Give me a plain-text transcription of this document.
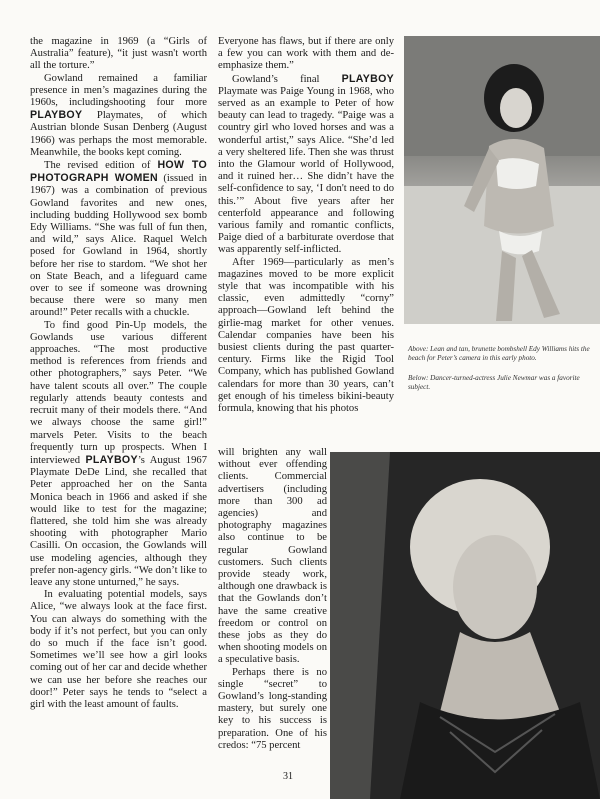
the magazine in 1969 (a “Girls of Australia” feature), “it just wasn't worth all the torture.”

Gowland remained a familiar presence in men’s magazines during the 1960s, includingshooting four more PLAYBOY Playmates, of which Austrian blonde Susan Denberg (August 1966) was perhaps the most memorable. Meanwhile, the books kept coming.

The revised edition of HOW TO PHOTOGRAPH WOMEN (issued in 1967) was a combination of previous Gowland favorites and new ones, including budding Hollywood sex bomb Edy Williams. “She was full of fun then, and wild,” says Alice. Raquel Welch posed for Gowland in 1964, shortly before her rise to stardom. “We shot her on State Beach, and a lifeguard came over to see if someone was drowning because there were so many men around!” Peter recalls with a chuckle.

To find good Pin-Up models, the Gowlands use various different approaches. “The most productive method is references from friends and other photographers,” says Peter. “We have talent scouts all over.” The couple regularly attends beauty contests and recruit many of their models there. “And we always choose the same girl!” marvels Peter. Visits to the beach frequently turn up prospects. When I interviewed PLAYBOY’s August 1967 Playmate DeDe Lind, she recalled that Peter approached her on the Santa Monica beach in 1966 and asked if she would like to test for the magazine; flattered, she told him she was already shooting with photographer Mario Casilli. On occasion, the Gowlands will use modeling agencies, although they prefer non-agency girls. “We don’t like to leave any stone unturned,” he says.

In evaluating potential models, says Alice, “we always look at the face first. You can always do something with the body if it’s not perfect, but you can only do so much if the face isn’t good. Sometimes we’ll see how a girl looks coming out of her car and decide whether we can use her before she reaches our door!” Peter says he tends to “select a girl with the least amount of faults.

Everyone has flaws, but if there are only a few you can work with them and de-emphasize them.”

Gowland’s final PLAYBOY Playmate was Paige Young in 1968, who served as an example to Peter of how beauty can lead to tragedy. “Paige was a country girl who loved horses and was a wonderful artist,” says Alice. “She’d led a very sheltered life. Then she was thrust into the Glamour world of Hollywood, and it ruined her… She didn’t have the self-confidence to say, ‘I don't need to do this.’” About five years after her centerfold appearance and following various family and romantic conflicts, Paige died of a barbiturate overdose that was apparently self-inflicted.

After 1969—particularly as men’s magazines moved to be more explicit style that was incompatible with his classic, even admittedly “corny” approach—Gowland left behind the girlie-mag market for other venues. Calendar companies have been his busiest clients during the past quarter-century. Firms like the Rigid Tool Company, which has published Gowland calendars for more than 30 years, can’t get enough of his timeless bikini-beauty formula, knowing that his photos

will brighten any wall without ever offending clients. Commercial advertisers (including more than 300 ad agencies) and photography magazines also continue to be regular Gowland customers. Such clients provide steady work, although one drawback is that the Gowlands don’t have the same creative freedom or control on these jobs as they do when shooting models on a speculative basis.

Perhaps there is no single “secret” to Gowland’s long-standing mastery, but surely one key to his success is preparation. One of his credos: “75 percent

Above: Lean and tan, brunette bombshell Edy Williams hits the beach for Peter’s camera in this early photo.
Below: Dancer-turned-actress Julie Newmar was a favorite subject.
31
